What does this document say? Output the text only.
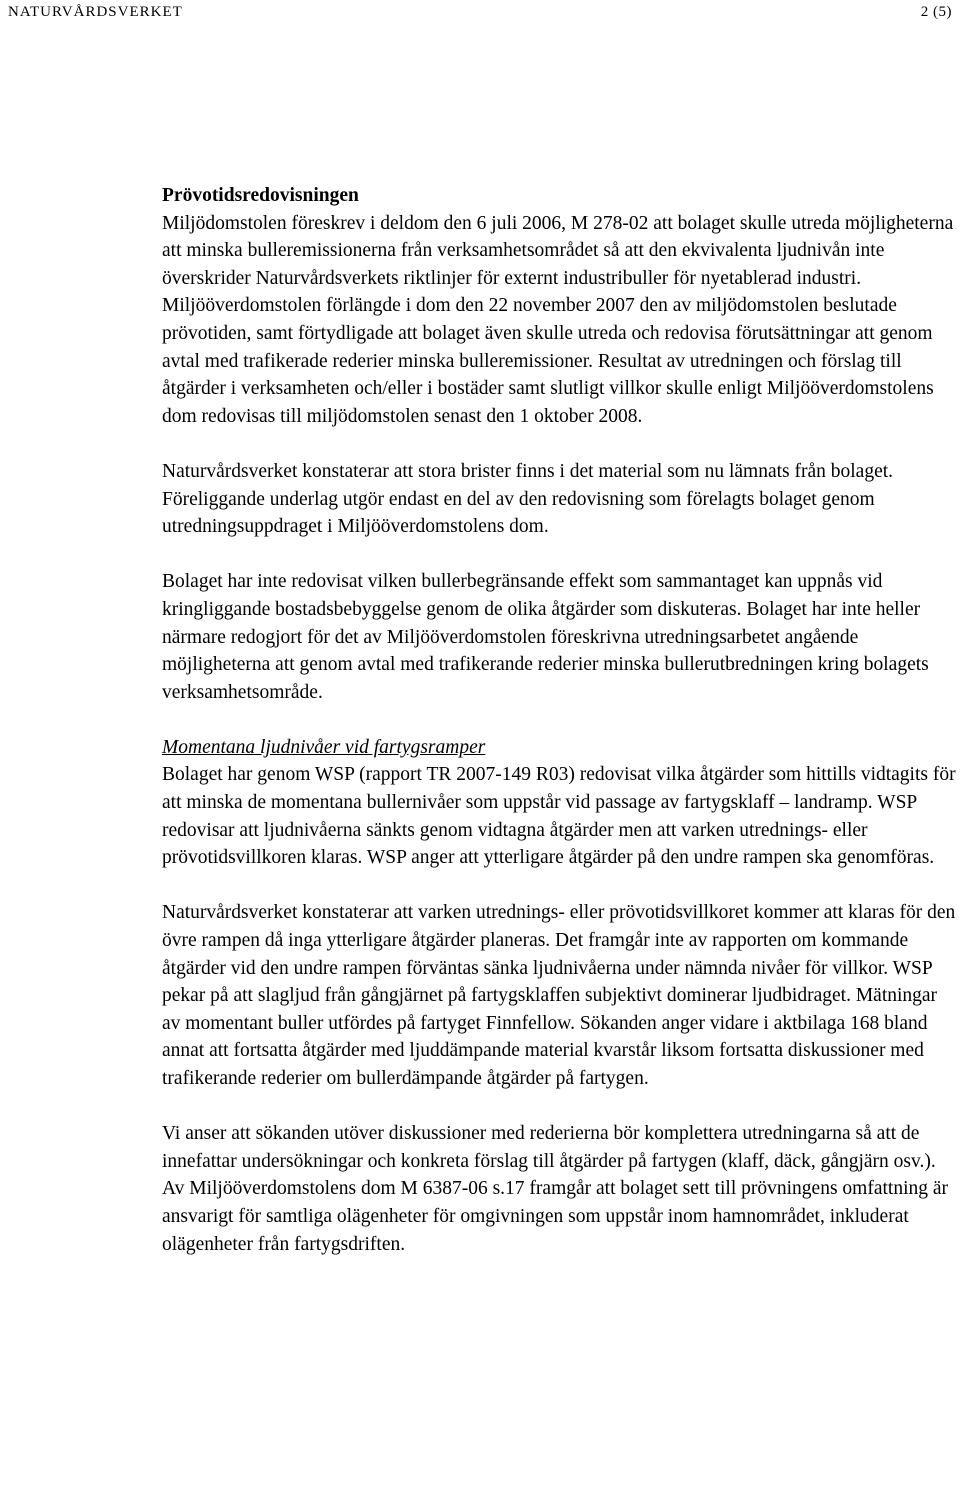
NATURVÅRDSVERKET	2 (5)
Prövotidsredovisningen

Miljödomstolen föreskrev i deldom den 6 juli 2006, M 278-02 att bolaget skulle utreda möjligheterna att minska bulleremissionerna från verksamhetsområdet så att den ekvivalenta ljudnivån inte överskrider Naturvårdsverkets riktlinjer för externt industribuller för nyetablerad industri. Miljööverdomstolen förlängde i dom den 22 november 2007 den av miljödomstolen beslutade prövotiden, samt förtydligade att bolaget även skulle utreda och redovisa förutsättningar att genom avtal med trafikerade rederier minska bulleremissioner. Resultat av utredningen och förslag till åtgärder i verksamheten och/eller i bostäder samt slutligt villkor skulle enligt Miljööverdomstolens dom redovisas till miljödomstolen senast den 1 oktober 2008.

Naturvårdsverket konstaterar att stora brister finns i det material som nu lämnats från bolaget. Föreliggande underlag utgör endast en del av den redovisning som förelagts bolaget genom utredningsuppdraget i Miljööverdomstolens dom.

Bolaget har inte redovisat vilken bullerbegränsande effekt som sammantaget kan uppnås vid kringliggande bostadsbebyggelse genom de olika åtgärder som diskuteras. Bolaget har inte heller närmare redogjort för det av Miljööverdomstolen föreskrivna utredningsarbetet angående möjligheterna att genom avtal med trafikerande rederier minska bullerutbredningen kring bolagets verksamhetsområde.

Momentana ljudnivåer vid fartygsramper

Bolaget har genom WSP (rapport TR 2007-149 R03) redovisat vilka åtgärder som hittills vidtagits för att minska de momentana bullernivåer som uppstår vid passage av fartygsklaff – landramp. WSP redovisar att ljudnivåerna sänkts genom vidtagna åtgärder men att varken utrednings- eller prövotidsvillkoren klaras. WSP anger att ytterligare åtgärder på den undre rampen ska genomföras.

Naturvårdsverket konstaterar att varken utrednings- eller prövotidsvillkoret kommer att klaras för den övre rampen då inga ytterligare åtgärder planeras. Det framgår inte av rapporten om kommande åtgärder vid den undre rampen förväntas sänka ljudnivåerna under nämnda nivåer för villkor. WSP pekar på att slagljud från gångjärnet på fartygsklaffen subjektivt dominerar ljudbidraget. Mätningar av momentant buller utfördes på fartyget Finnfellow. Sökanden anger vidare i aktbilaga 168 bland annat att fortsatta åtgärder med ljuddämpande material kvarstår liksom fortsatta diskussioner med trafikerande rederier om bullerdämpande åtgärder på fartygen.

Vi anser att sökanden utöver diskussioner med rederierna bör komplettera utredningarna så att de innefattar undersökningar och konkreta förslag till åtgärder på fartygen (klaff, däck, gångjärn osv.). Av Miljööverdomstolens dom M 6387-06 s.17 framgår att bolaget sett till prövningens omfattning är ansvarigt för samtliga olägenheter för omgivningen som uppstår inom hamnområdet, inkluderat olägenheter från fartygsdriften.
